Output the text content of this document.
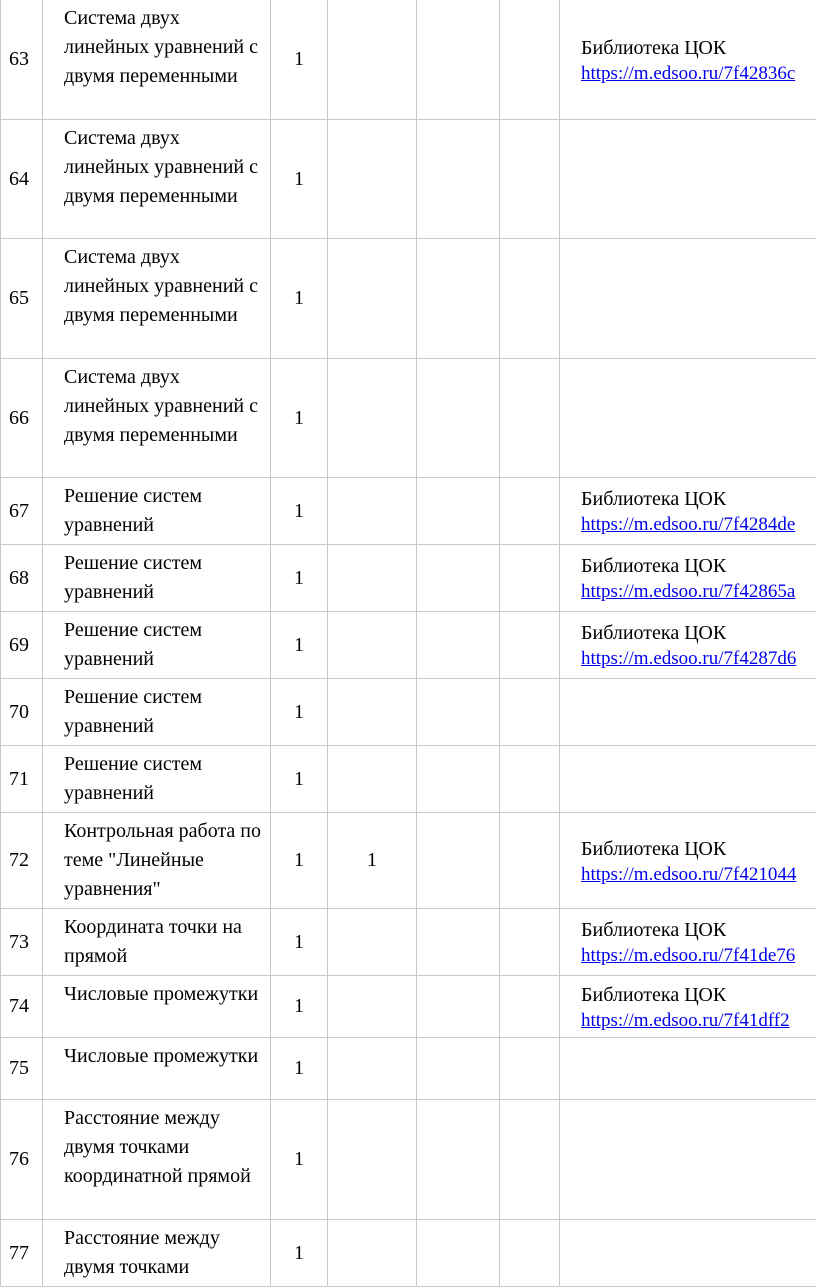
63	Система двух линейных уравнений с двумя переменными	1				Библиотека ЦОК
https://m.edsoo.ru/7f42836c

64	Система двух линейных уравнений с двумя переменными	1				
65	Система двух линейных уравнений с двумя переменными	1				
66	Система двух линейных уравнений с двумя переменными	1				
67	Решение систем уравнений	1				Библиотека ЦОК
https://m.edsoo.ru/7f4284de

68	Решение систем уравнений	1				Библиотека ЦОК
https://m.edsoo.ru/7f42865a

69	Решение систем уравнений	1				Библиотека ЦОК
https://m.edsoo.ru/7f4287d6

70	Решение систем уравнений	1				
71	Решение систем уравнений	1				
72	Контрольная работа по теме "Линейные уравнения"	1	1			Библиотека ЦОК
https://m.edsoo.ru/7f421044

73	Координата точки на прямой	1				Библиотека ЦОК
https://m.edsoo.ru/7f41de76

74	Числовые промежутки	1				Библиотека ЦОК
https://m.edsoo.ru/7f41dff2

75	Числовые промежутки	1				
76	Расстояние между двумя точками координатной прямой	1				
77	Расстояние между двумя точками	1				
